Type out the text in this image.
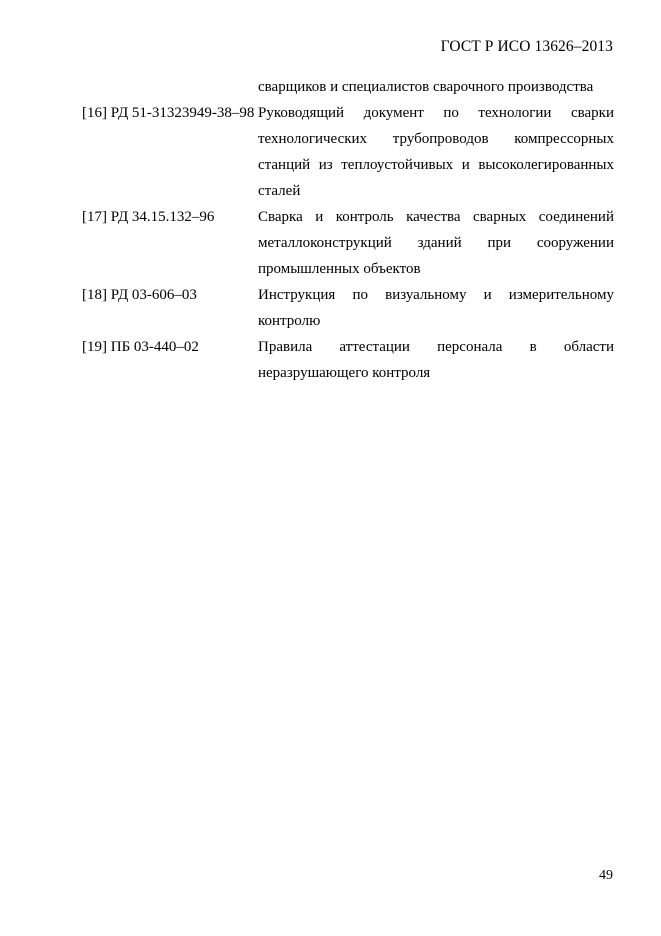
ГОСТ Р ИСО 13626–2013
сварщиков и специалистов сварочного производства
[16] РД 51-31323949-38–98 Руководящий документ по технологии сварки технологических трубопроводов компрессорных станций из теплоустойчивых и высоколегированных сталей
[17] РД 34.15.132–96	Сварка и контроль качества сварных соединений металлоконструкций зданий при сооружении промышленных объектов
[18] РД 03-606–03	Инструкция по визуальному и измерительному контролю
[19] ПБ 03-440–02	Правила аттестации персонала в области неразрушающего контроля
49
